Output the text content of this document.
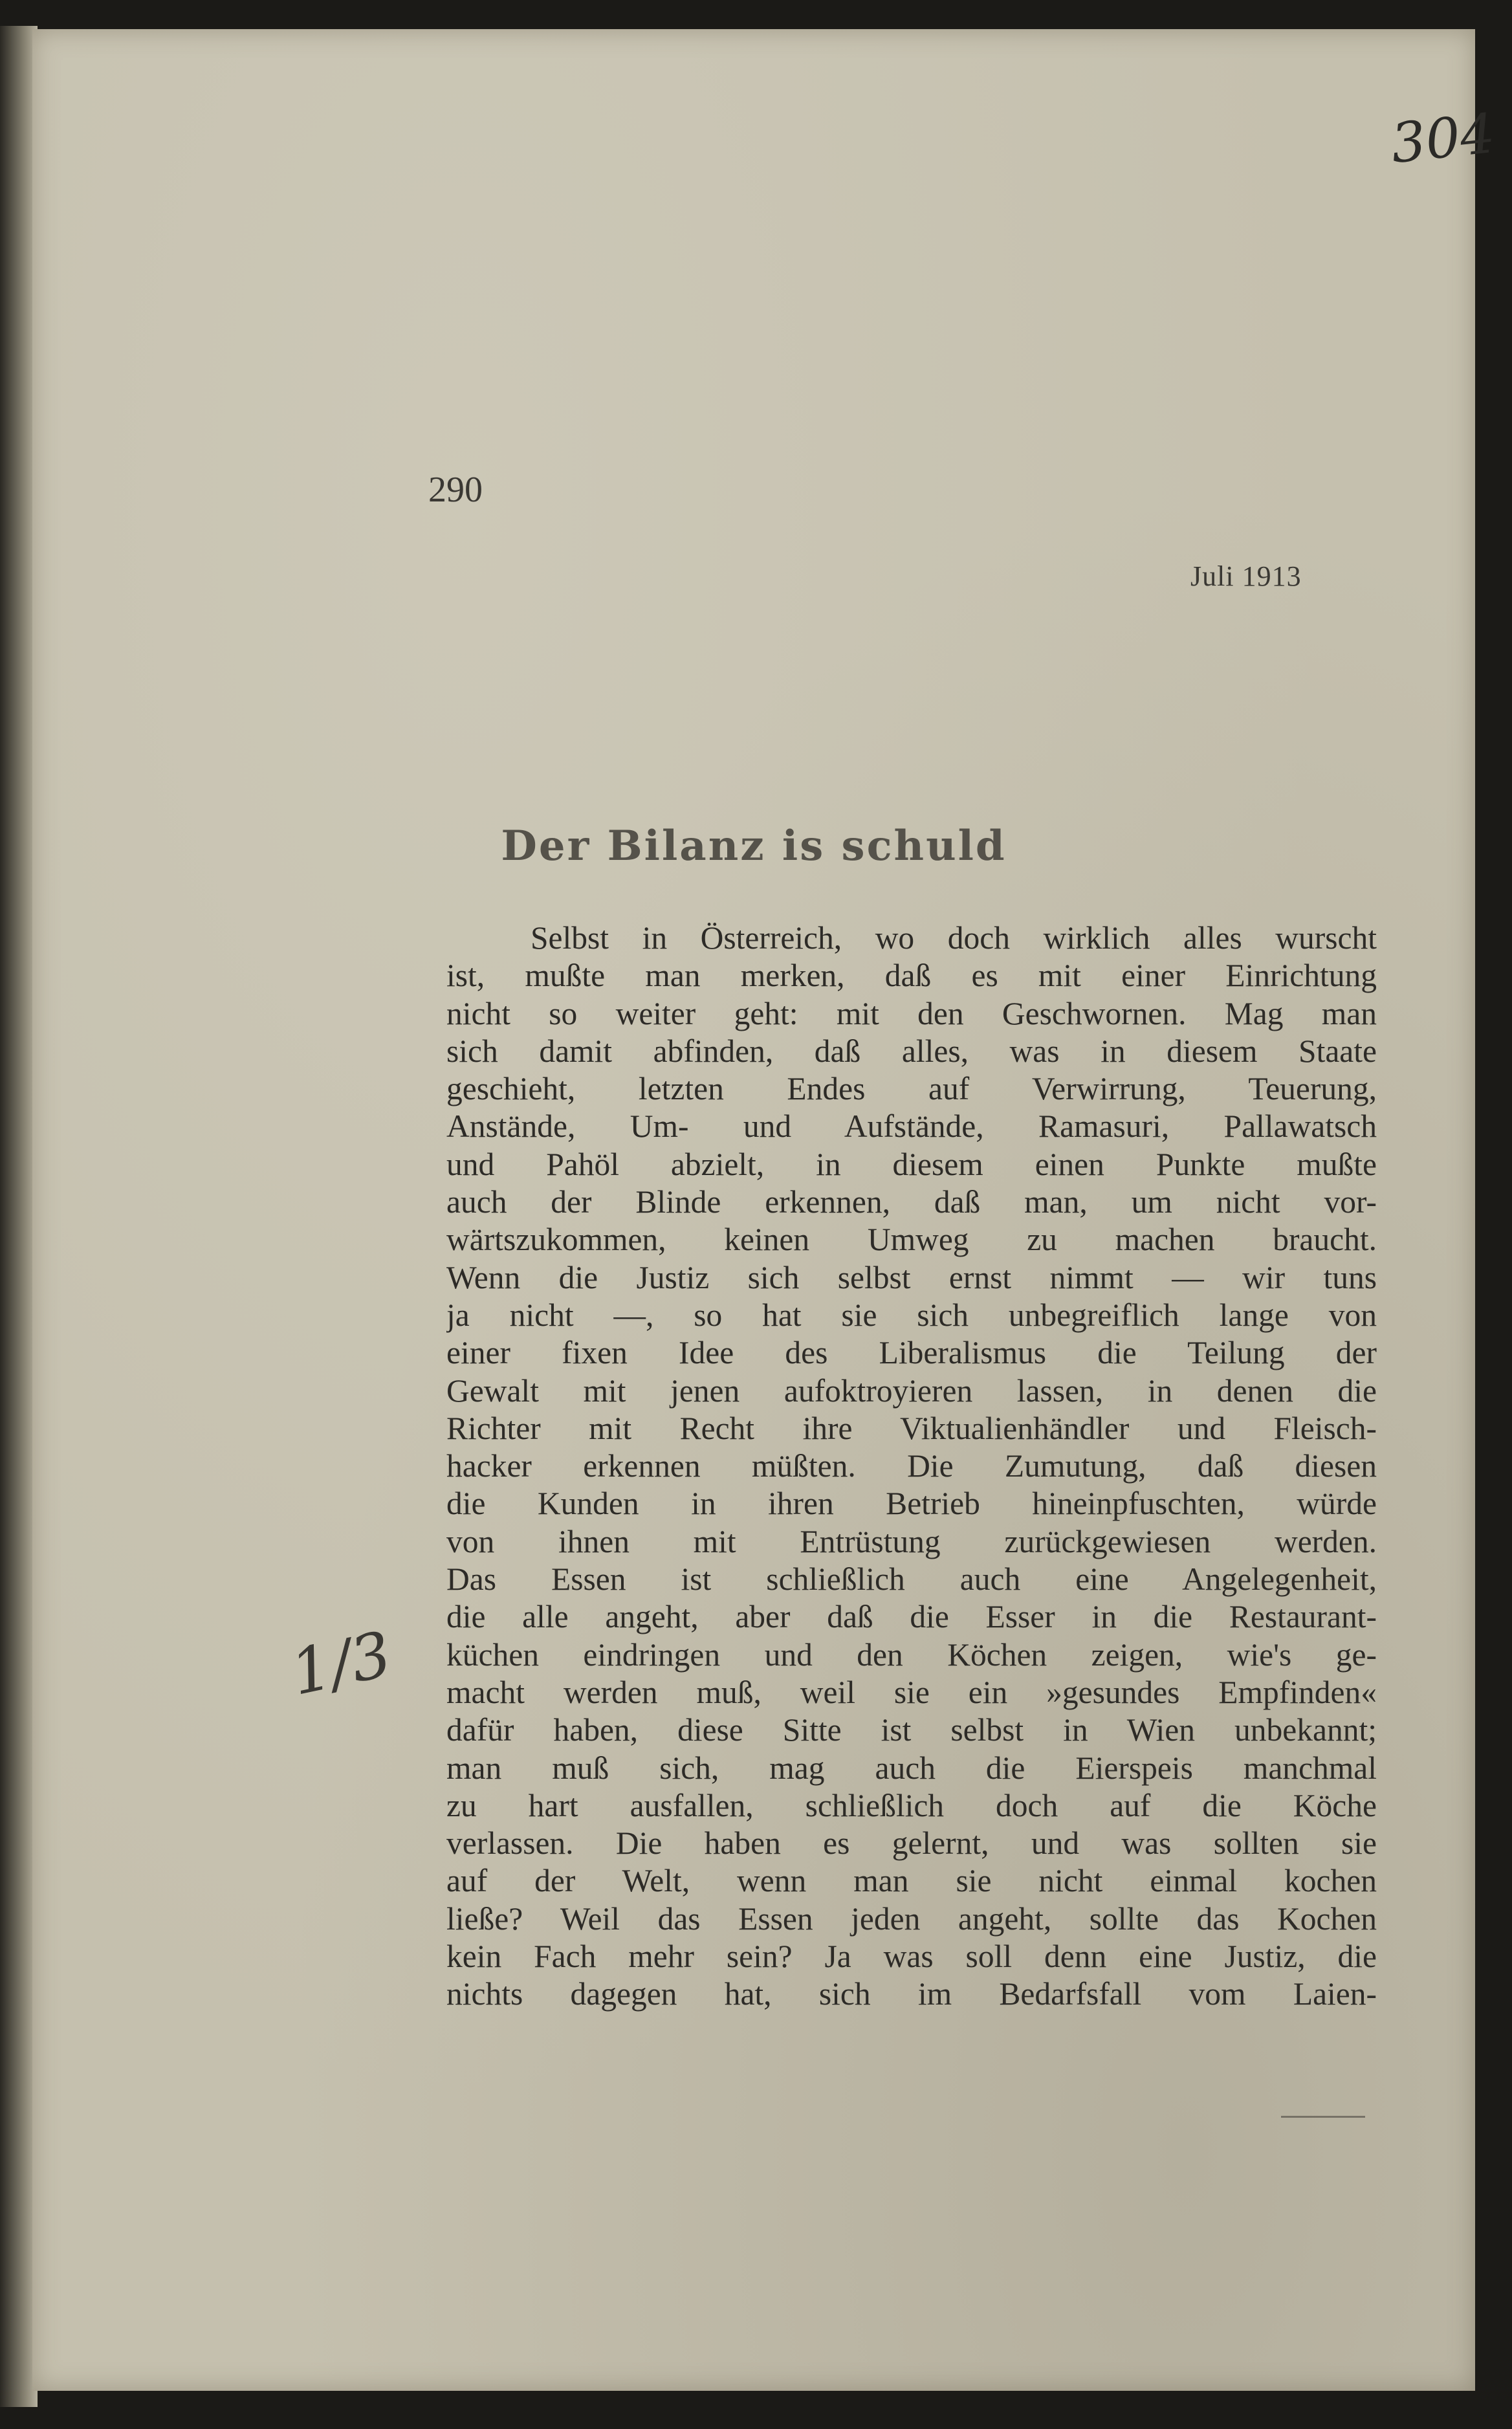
304
290
Juli 1913
Der Bilanz is schuld
Selbst in Österreich, wo doch wirklich alles wurscht
ist, mußte man merken, daß es mit einer Einrichtung
nicht so weiter geht: mit den Geschwornen. Mag man
sich damit abfinden, daß alles, was in diesem Staate
geschieht, letzten Endes auf Verwirrung, Teuerung,
Anstände, Um- und Aufstände, Ramasuri, Pallawatsch
und Pahöl abzielt, in diesem einen Punkte mußte
auch der Blinde erkennen, daß man, um nicht vor-
wärtszukommen, keinen Umweg zu machen braucht.
Wenn die Justiz sich selbst ernst nimmt — wir tuns
ja nicht —, so hat sie sich unbegreiflich lange von
einer fixen Idee des Liberalismus die Teilung der
Gewalt mit jenen aufoktroyieren lassen, in denen die
Richter mit Recht ihre Viktualienhändler und Fleisch-
hacker erkennen müßten. Die Zumutung, daß diesen
die Kunden in ihren Betrieb hineinpfuschten, würde
von ihnen mit Entrüstung zurückgewiesen werden.
Das Essen ist schließlich auch eine Angelegenheit,
die alle angeht, aber daß die Esser in die Restaurant-
küchen eindringen und den Köchen zeigen, wie's ge-
macht werden muß, weil sie ein »gesundes Empfinden«
dafür haben, diese Sitte ist selbst in Wien unbekannt;
man muß sich, mag auch die Eierspeis manchmal
zu hart ausfallen, schließlich doch auf die Köche
verlassen. Die haben es gelernt, und was sollten sie
auf der Welt, wenn man sie nicht einmal kochen
ließe? Weil das Essen jeden angeht, sollte das Kochen
kein Fach mehr sein? Ja was soll denn eine Justiz, die
nichts dagegen hat, sich im Bedarfsfall vom Laien-
1/3
